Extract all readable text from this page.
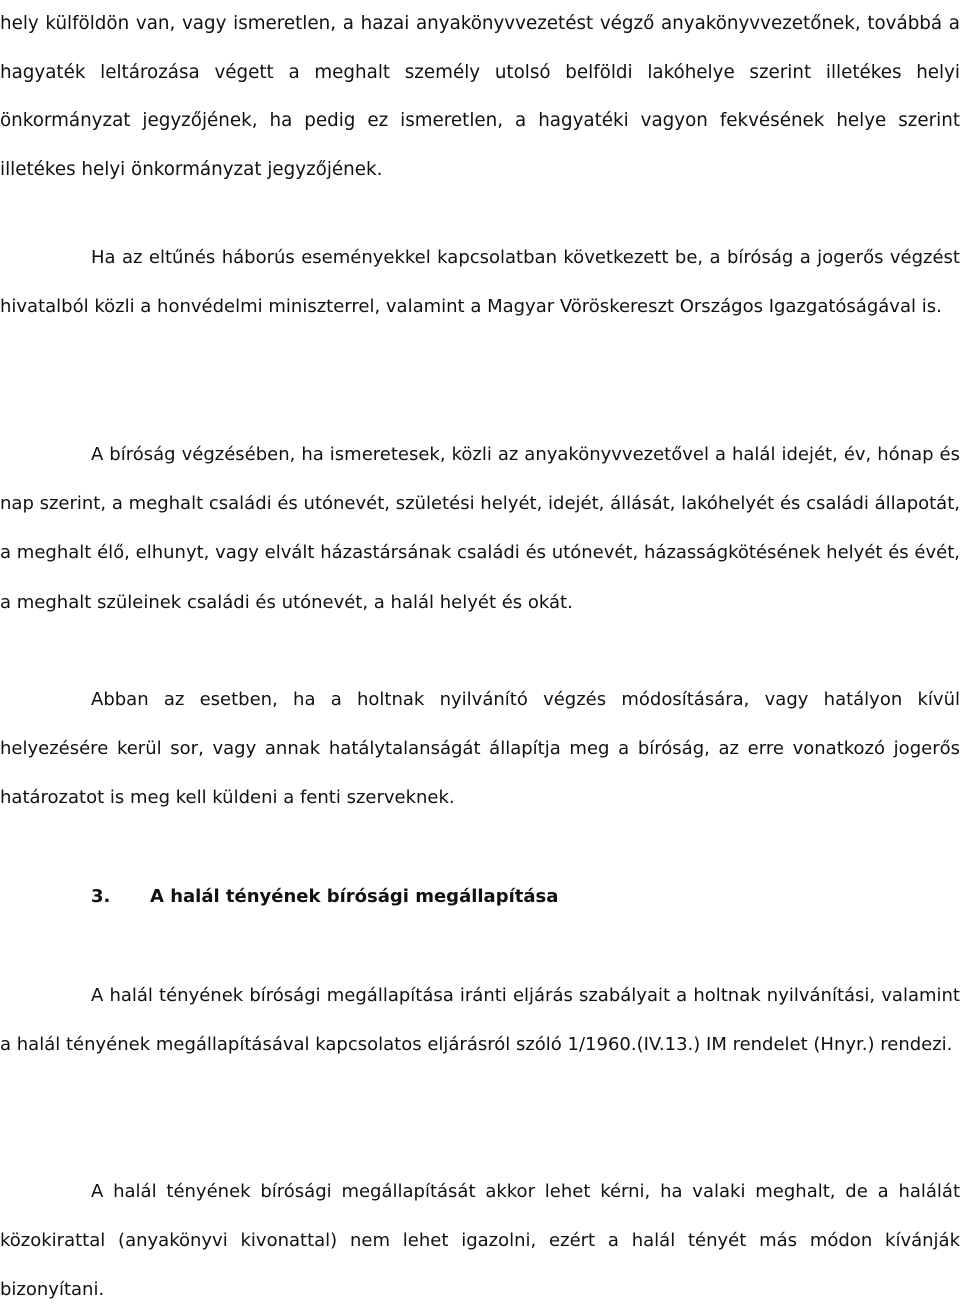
hely külföldön van, vagy ismeretlen, a hazai anyakönyvvezetést végző anyakönyvvezetőnek, továbbá a hagyaték leltározása végett a meghalt személy utolsó belföldi lakóhelye szerint illetékes helyi önkormányzat jegyzőjének, ha pedig ez ismeretlen, a hagyatéki vagyon fekvésének helye szerint illetékes helyi önkormányzat jegyzőjének.

Ha az eltűnés háborús eseményekkel kapcsolatban következett be, a bíróság a jogerős végzést hivatalból közli a honvédelmi miniszterrel, valamint a Magyar Vöröskereszt Országos Igazgatóságával is.

A bíróság végzésében, ha ismeretesek, közli az anyakönyvvezetővel a halál idejét, év, hónap és nap szerint, a meghalt családi és utónevét, születési helyét, idejét, állását, lakóhelyét és családi állapotát, a meghalt élő, elhunyt, vagy elvált házastársának családi és utónevét, házasságkötésének helyét és évét, a meghalt szüleinek családi és utónevét, a halál helyét és okát.

Abban az esetben, ha a holtnak nyilvánító végzés módosítására, vagy hatályon kívül helyezésére kerül sor, vagy annak hatálytalanságát állapítja meg a bíróság, az erre vonatkozó jogerős határozatot is meg kell küldeni a fenti szerveknek.

3. A halál tényének bírósági megállapítása

A halál tényének bírósági megállapítása iránti eljárás szabályait a holtnak nyilvánítási, valamint a halál tényének megállapításával kapcsolatos eljárásról szóló 1/1960.(IV.13.) IM rendelet (Hnyr.) rendezi.

A halál tényének bírósági megállapítását akkor lehet kérni, ha valaki meghalt, de a halálát közokirattal (anyakönyvi kivonattal) nem lehet igazolni, ezért a halál tényét más módon kívánják bizonyítani.
